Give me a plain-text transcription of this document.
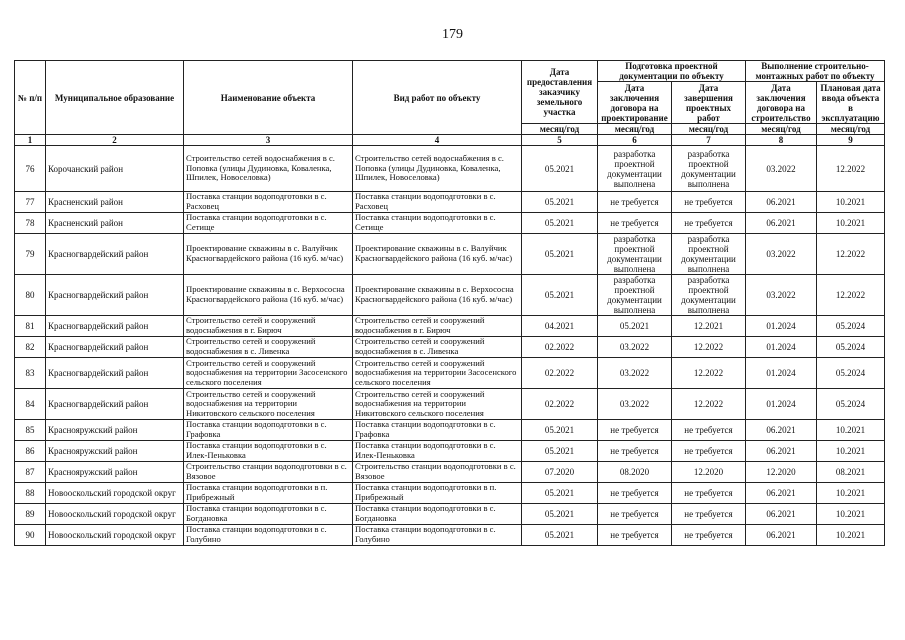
179
№ п/п	Муниципальное образование	Наименование объекта	Вид работ по объекту	Дата предоставления заказчику земельного участка	Подготовка проектной документации по объекту		Выполнение строительно-монтажных работ по объекту	
					Дата заключения договора на проектирование	Дата завершения проектных работ	Дата заключения договора на строительство	Плановая дата ввода объекта в эксплуатацию
				месяц/год	месяц/год	месяц/год	месяц/год	месяц/год
1	2	3	4	5	6	7	8	9
76	Корочанский район	Строительство сетей водоснабжения в с. Поповка (улицы Дудиновка, Коваленка, Шпилек, Новоселовка)	Строительство сетей водоснабжения в с. Поповка (улицы Дудиновка, Коваленка, Шпилек, Новоселовка)	05.2021	разработка проектной документации выполнена	разработка проектной документации выполнена	03.2022	12.2022
77	Красненский район	Поставка станции водоподготовки в с. Расховец	Поставка станции водоподготовки в с. Расховец	05.2021	не требуется	не требуется	06.2021	10.2021
78	Красненский район	Поставка станции водоподготовки в с. Сетище	Поставка станции водоподготовки в с. Сетище	05.2021	не требуется	не требуется	06.2021	10.2021
79	Красногвардейский район	Проектирование скважины в с. Валуйчик Красногвардейского района (16 куб. м/час)	Проектирование скважины в с. Валуйчик Красногвардейского района (16 куб. м/час)	05.2021	разработка проектной документации выполнена	разработка проектной документации выполнена	03.2022	12.2022
80	Красногвардейский район	Проектирование скважины в с. Верхососна Красногвардейского района (16 куб. м/час)	Проектирование скважины в с. Верхососна Красногвардейского района (16 куб. м/час)	05.2021	разработка проектной документации выполнена	разработка проектной документации выполнена	03.2022	12.2022
81	Красногвардейский район	Строительство сетей и сооружений водоснабжения в г. Бирюч	Строительство сетей и сооружений водоснабжения в г. Бирюч	04.2021	05.2021	12.2021	01.2024	05.2024
82	Красногвардейский район	Строительство сетей и сооружений водоснабжения в с. Ливенка	Строительство сетей и сооружений водоснабжения в с. Ливенка	02.2022	03.2022	12.2022	01.2024	05.2024
83	Красногвардейский район	Строительство сетей и сооружений водоснабжения на территории Засосенского сельского поселения	Строительство сетей и сооружений водоснабжения на территории Засосенского сельского поселения	02.2022	03.2022	12.2022	01.2024	05.2024
84	Красногвардейский район	Строительство сетей и сооружений водоснабжения на территории Никитовского сельского поселения	Строительство сетей и сооружений водоснабжения на территории Никитовского сельского поселения	02.2022	03.2022	12.2022	01.2024	05.2024
85	Краснояружский район	Поставка станции водоподготовки в с. Графовка	Поставка станции водоподготовки в с. Графовка	05.2021	не требуется	не требуется	06.2021	10.2021
86	Краснояружский район	Поставка станции водоподготовки в с. Илек-Пеньковка	Поставка станции водоподготовки в с. Илек-Пеньковка	05.2021	не требуется	не требуется	06.2021	10.2021
87	Краснояружский район	Строительство станции водоподготовки в с. Вязовое	Строительство станции водоподготовки в с. Вязовое	07.2020	08.2020	12.2020	12.2020	08.2021
88	Новооскольский городской округ	Поставка станции водоподготовки в п. Прибрежный	Поставка станции водоподготовки в п. Прибрежный	05.2021	не требуется	не требуется	06.2021	10.2021
89	Новооскольский городской округ	Поставка станции водоподготовки в с. Богдановка	Поставка станции водоподготовки в с. Богдановка	05.2021	не требуется	не требуется	06.2021	10.2021
90	Новооскольский городской округ	Поставка станции водоподготовки в с. Голубино	Поставка станции водоподготовки в с. Голубино	05.2021	не требуется	не требуется	06.2021	10.2021
